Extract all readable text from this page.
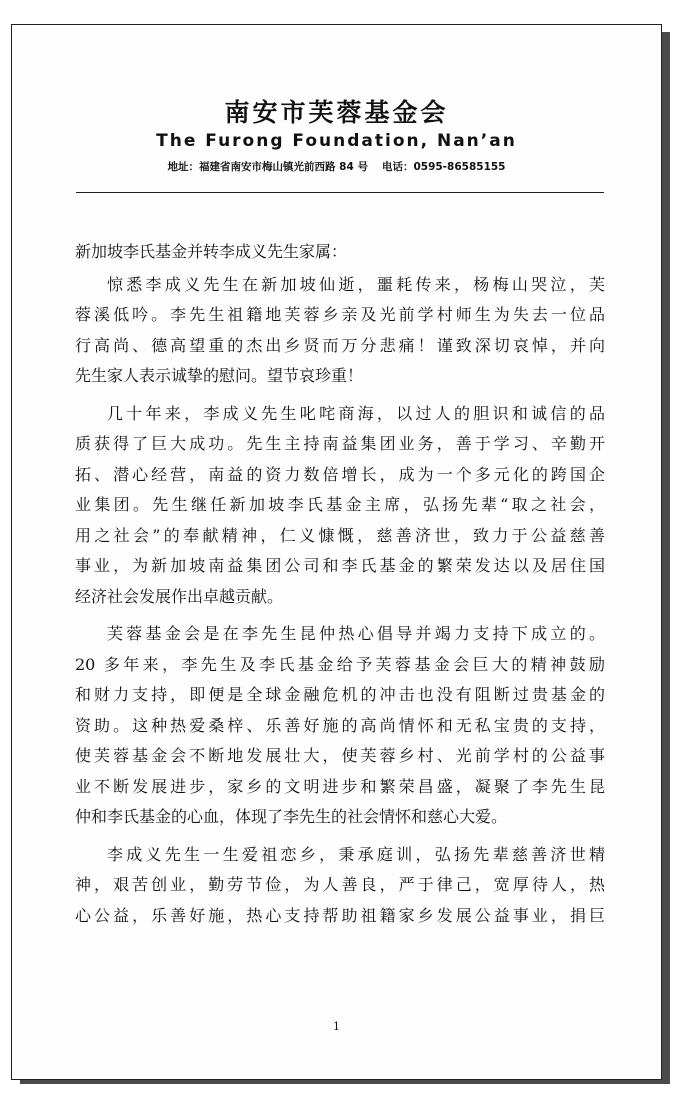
南安市芙蓉基金会
The Furong Foundation, Nan’an
地址：福建省南安市梅山镇光前西路 84 号 电话：0595-86585155
新加坡李氏基金并转李成义先生家属：
惊悉李成义先生在新加坡仙逝，噩耗传来，杨梅山哭泣，芙
蓉溪低吟。李先生祖籍地芙蓉乡亲及光前学村师生为失去一位品
行高尚、德高望重的杰出乡贤而万分悲痛！谨致深切哀悼，并向
先生家人表示诚挚的慰问。望节哀珍重！
几十年来，李成义先生叱咤商海，以过人的胆识和诚信的品
质获得了巨大成功。先生主持南益集团业务，善于学习、辛勤开
拓、潜心经营，南益的资力数倍增长，成为一个多元化的跨国企
业集团。先生继任新加坡李氏基金主席，弘扬先辈“取之社会，
用之社会”的奉献精神，仁义慷慨，慈善济世，致力于公益慈善
事业，为新加坡南益集团公司和李氏基金的繁荣发达以及居住国
经济社会发展作出卓越贡献。
芙蓉基金会是在李先生昆仲热心倡导并竭力支持下成立的。
20 多年来，李先生及李氏基金给予芙蓉基金会巨大的精神鼓励
和财力支持，即便是全球金融危机的冲击也没有阻断过贵基金的
资助。这种热爱桑梓、乐善好施的高尚情怀和无私宝贵的支持，
使芙蓉基金会不断地发展壮大，使芙蓉乡村、光前学村的公益事
业不断发展进步，家乡的文明进步和繁荣昌盛，凝聚了李先生昆
仲和李氏基金的心血，体现了李先生的社会情怀和慈心大爱。
李成义先生一生爱祖恋乡，秉承庭训，弘扬先辈慈善济世精
神，艰苦创业，勤劳节俭，为人善良，严于律己，宽厚待人，热
心公益，乐善好施，热心支持帮助祖籍家乡发展公益事业，捐巨
1
